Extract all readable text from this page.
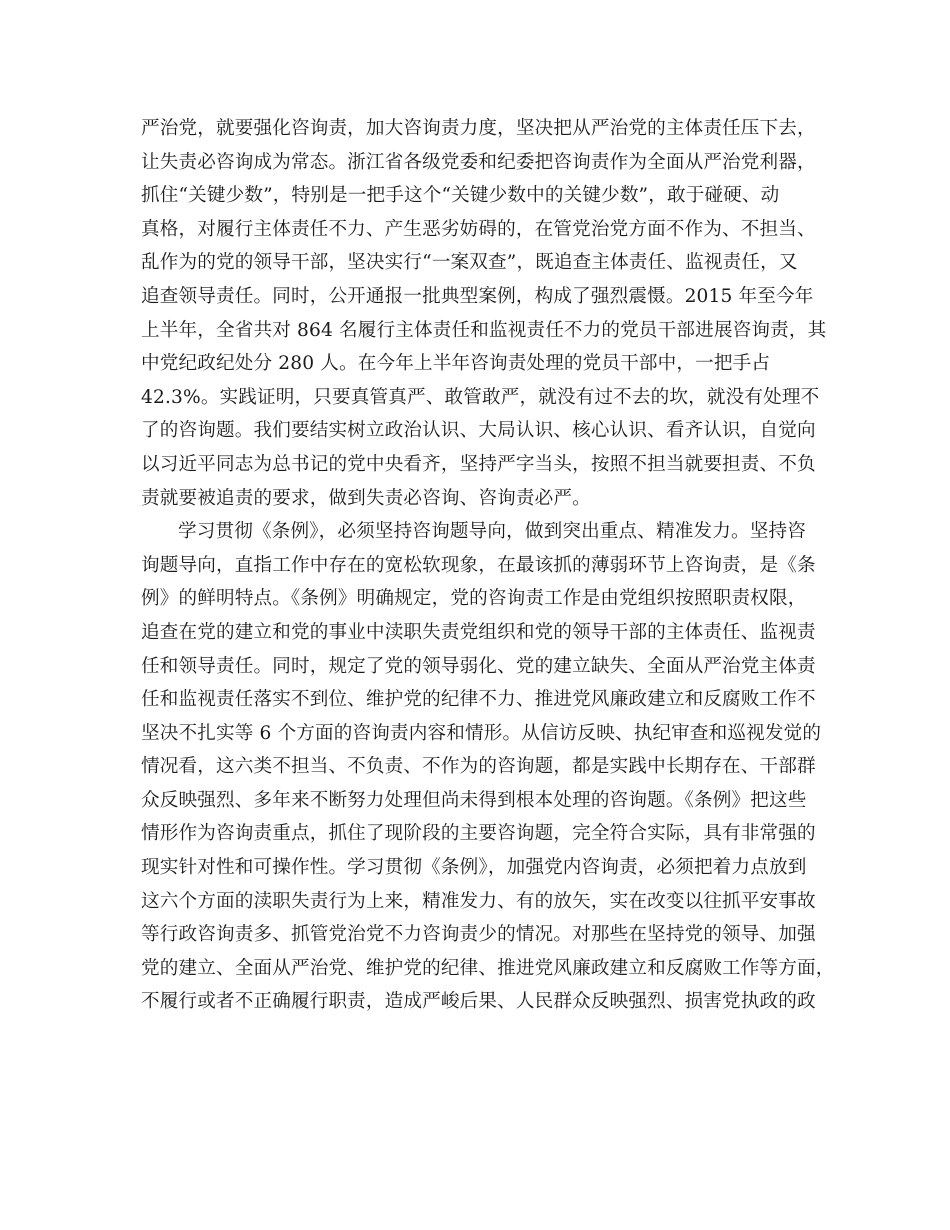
严治党，就要强化咨询责，加大咨询责力度，坚决把从严治党的主体责任压下去，
让失责必咨询成为常态。浙江省各级党委和纪委把咨询责作为全面从严治党利器，
抓住“关键少数”，特别是一把手这个“关键少数中的关键少数”，敢于碰硬、动
真格，对履行主体责任不力、产生恶劣妨碍的，在管党治党方面不作为、不担当、
乱作为的党的领导干部，坚决实行“一案双查”，既追查主体责任、监视责任，又
追查领导责任。同时，公开通报一批典型案例，构成了强烈震慑。2015 年至今年
上半年，全省共对 864 名履行主体责任和监视责任不力的党员干部进展咨询责，其
中党纪政纪处分 280 人。在今年上半年咨询责处理的党员干部中，一把手占
42.3%。实践证明，只要真管真严、敢管敢严，就没有过不去的坎，就没有处理不
了的咨询题。我们要结实树立政治认识、大局认识、核心认识、看齐认识，自觉向
以习近平同志为总书记的党中央看齐，坚持严字当头，按照不担当就要担责、不负
责就要被追责的要求，做到失责必咨询、咨询责必严。
学习贯彻《条例》，必须坚持咨询题导向，做到突出重点、精准发力。坚持咨
询题导向，直指工作中存在的宽松软现象，在最该抓的薄弱环节上咨询责，是《条
例》的鲜明特点。《条例》明确规定，党的咨询责工作是由党组织按照职责权限，
追查在党的建立和党的事业中渎职失责党组织和党的领导干部的主体责任、监视责
任和领导责任。同时，规定了党的领导弱化、党的建立缺失、全面从严治党主体责
任和监视责任落实不到位、维护党的纪律不力、推进党风廉政建立和反腐败工作不
坚决不扎实等 6 个方面的咨询责内容和情形。从信访反映、执纪审查和巡视发觉的
情况看，这六类不担当、不负责、不作为的咨询题，都是实践中长期存在、干部群
众反映强烈、多年来不断努力处理但尚未得到根本处理的咨询题。《条例》把这些
情形作为咨询责重点，抓住了现阶段的主要咨询题，完全符合实际，具有非常强的
现实针对性和可操作性。学习贯彻《条例》，加强党内咨询责，必须把着力点放到
这六个方面的渎职失责行为上来，精准发力、有的放矢，实在改变以往抓平安事故
等行政咨询责多、抓管党治党不力咨询责少的情况。对那些在坚持党的领导、加强
党的建立、全面从严治党、维护党的纪律、推进党风廉政建立和反腐败工作等方面，
不履行或者不正确履行职责，造成严峻后果、人民群众反映强烈、损害党执政的政
